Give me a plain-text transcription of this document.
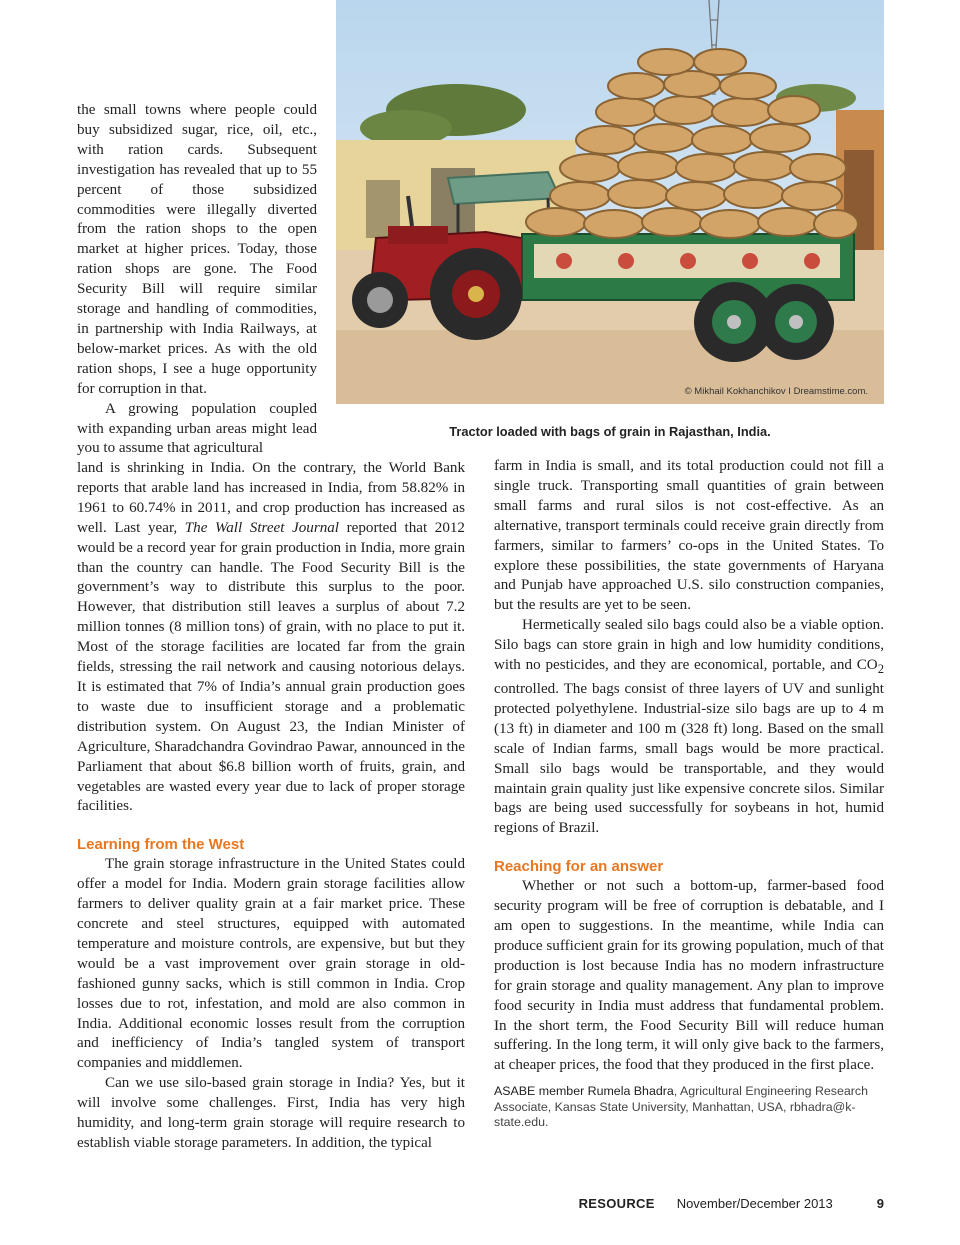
© Mikhail Kokhanchikov I Dreamstime.com.
Tractor loaded with bags of grain in Rajasthan, India.

the small towns where people could buy subsidized sugar, rice, oil, etc., with ration cards. Subsequent investigation has revealed that up to 55 percent of those subsidized commodities were illegally diverted from the ration shops to the open market at higher prices. Today, those ration shops are gone. The Food Security Bill will require similar storage and handling of commodities, in partnership with India Railways, at below-market prices. As with the old ration shops, I see a huge opportunity for corruption in that.

A growing population coupled with expanding urban areas might lead you to assume that agricultural

land is shrinking in India. On the contrary, the World Bank reports that arable land has increased in India, from 58.82% in 1961 to 60.74% in 2011, and crop production has increased as well. Last year, The Wall Street Journal reported that 2012 would be a record year for grain production in India, more grain than the country can handle. The Food Security Bill is the government’s way to distribute this surplus to the poor. However, that distribution still leaves a surplus of about 7.2 million tonnes (8 million tons) of grain, with no place to put it. Most of the storage facilities are located far from the grain fields, stressing the rail network and causing notorious delays. It is estimated that 7% of India’s annual grain production goes to waste due to insufficient storage and a problematic distribution system. On August 23, the Indian Minister of Agriculture, Sharadchandra Govindrao Pawar, announced in the Parliament that about $6.8 billion worth of fruits, grain, and vegetables are wasted every year due to lack of proper storage facilities.

Learning from the West

The grain storage infrastructure in the United States could offer a model for India. Modern grain storage facilities allow farmers to deliver quality grain at a fair market price. These concrete and steel structures, equipped with automated temperature and moisture controls, are expensive, but but they would be a vast improvement over grain storage in old-fashioned gunny sacks, which is still common in India. Crop losses due to rot, infestation, and mold are also common in India. Additional economic losses result from the corruption and inefficiency of India’s tangled system of transport companies and middlemen.

Can we use silo-based grain storage in India? Yes, but it will involve some challenges. First, India has very high humidity, and long-term grain storage will require research to establish viable storage parameters. In addition, the typical

farm in India is small, and its total production could not fill a single truck. Transporting small quantities of grain between small farms and rural silos is not cost-effective. As an alternative, transport terminals could receive grain directly from farmers, similar to farmers’ co-ops in the United States. To explore these possibilities, the state governments of Haryana and Punjab have approached U.S. silo construction companies, but the results are yet to be seen.

Hermetically sealed silo bags could also be a viable option. Silo bags can store grain in high and low humidity conditions, with no pesticides, and they are economical, portable, and $CO_2$ controlled. The bags consist of three layers of UV and sunlight protected polyethylene. Industrial-size silo bags are up to 4 m (13 ft) in diameter and 100 m (328 ft) long. Based on the small scale of Indian farms, small bags would be more practical. Small silo bags would be transportable, and they would maintain grain quality just like expensive concrete silos. Similar bags are being used successfully for soybeans in hot, humid regions of Brazil.

Reaching for an answer

Whether or not such a bottom-up, farmer-based food security program will be free of corruption is debatable, and I am open to suggestions. In the meantime, while India can produce sufficient grain for its growing population, much of that production is lost because India has no modern infrastructure for grain storage and quality management. Any plan to improve food security in India must address that fundamental problem. In the short term, the Food Security Bill will reduce human suffering. In the long term, it will only give back to the farmers, at cheaper prices, the food that they produced in the first place.

ASABE member Rumela Bhadra, Agricultural Engineering Research Associate, Kansas State University, Manhattan, USA, rbhadra@k-state.edu.
RESOURCE November/December 2013	9
